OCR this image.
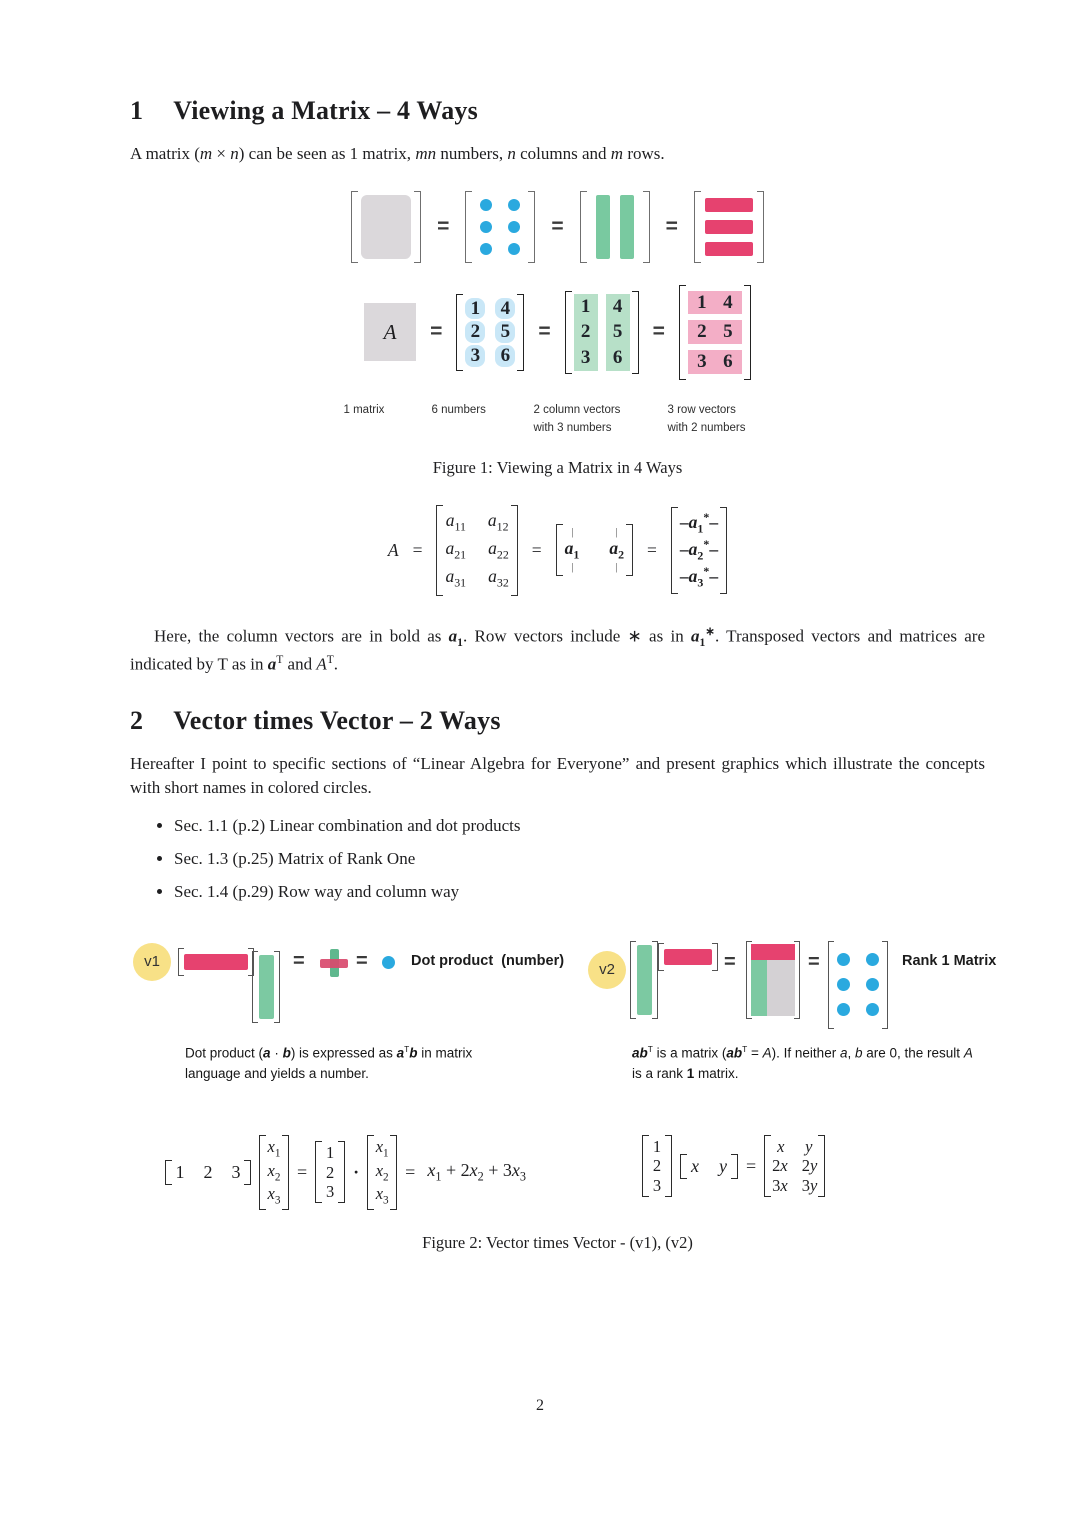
1 Viewing a Matrix – 4 Ways

A matrix (m × n) can be seen as 1 matrix, mn numbers, n columns and m rows.

=	=	=
A	=
1 4
2 5
3 6
=
1	4
2	5
3	6
=
1 4
2 5
3 6
1 matrix	6 numbers	2 column vectors
with 3 numbers
3 row vectors
with 2 numbers
Figure 1: Viewing a Matrix in 4 Ways
A =
$a_{11}$ $a_{12}$
$a_{21}$ $a_{22}$
$a_{31}$ $a_{32}$
=
|	|
$a_1$ $a_2$
|	|
=
$-a_1^*-$
$-a_2^*-$
$-a_3^*-$

Here, the column vectors are in bold as $a_1$. Row vectors include ∗ as in $a_1^∗$. Transposed vectors and matrices are indicated by T as in $a^T$ and $A^T$.

2 Vector times Vector – 2 Ways

Hereafter I point to specific sections of “Linear Algebra for Everyone” and present graphics which illustrate the concepts with short names in colored circles.

• Sec. 1.1 (p.2) Linear combination and dot products
• Sec. 1.3 (p.25) Matrix of Rank One
• Sec. 1.4 (p.29) Row way and column way
v1	=	=	Dot product  (number)
v2	=	=	Rank 1 Matrix
Dot product (a · b) is expressed as $a^Tb$ in matrix language and yields a number.
$ab^T$ is a matrix $(ab^T = A)$. If neither a, b are 0, the result A is a rank 1 matrix.
1 2 3
$x_1$
$x_2$
$x_3$
=
1
2
3
·
$x_1$
$x_2$
$x_3$
= $x_1 + 2x_2 + 3x_3$
1
2
3
x y =
x y
2x 2y
3x 3y
Figure 2: Vector times Vector - (v1), (v2)
2
